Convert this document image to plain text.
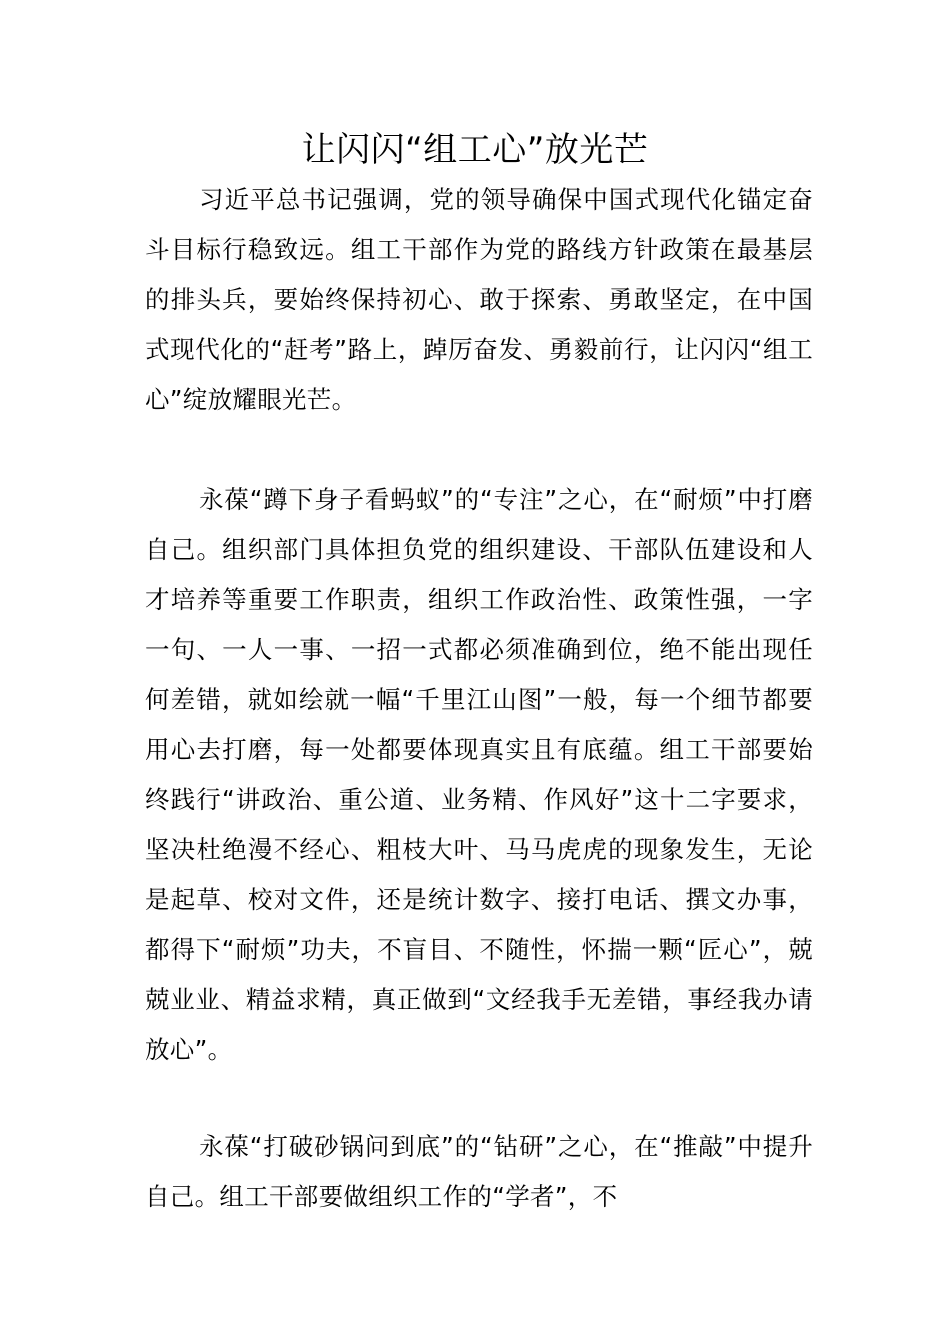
让闪闪“组工心”放光芒

习近平总书记强调，党的领导确保中国式现代化锚定奋斗目标行稳致远。组工干部作为党的路线方针政策在最基层的排头兵，要始终保持初心、敢于探索、勇敢坚定，在中国式现代化的“赶考”路上，踔厉奋发、勇毅前行，让闪闪“组工心”绽放耀眼光芒。

永葆“蹲下身子看蚂蚁”的“专注”之心，在“耐烦”中打磨自己。组织部门具体担负党的组织建设、干部队伍建设和人才培养等重要工作职责，组织工作政治性、政策性强，一字一句、一人一事、一招一式都必须准确到位，绝不能出现任何差错，就如绘就一幅“千里江山图”一般，每一个细节都要用心去打磨，每一处都要体现真实且有底蕴。组工干部要始终践行“讲政治、重公道、业务精、作风好”这十二字要求，坚决杜绝漫不经心、粗枝大叶、马马虎虎的现象发生，无论是起草、校对文件，还是统计数字、接打电话、撰文办事，都得下“耐烦”功夫，不盲目、不随性，怀揣一颗“匠心”，兢兢业业、精益求精，真正做到“文经我手无差错，事经我办请放心”。

永葆“打破砂锅问到底”的“钻研”之心，在“推敲”中提升自己。组工干部要做组织工作的“学者”，不
